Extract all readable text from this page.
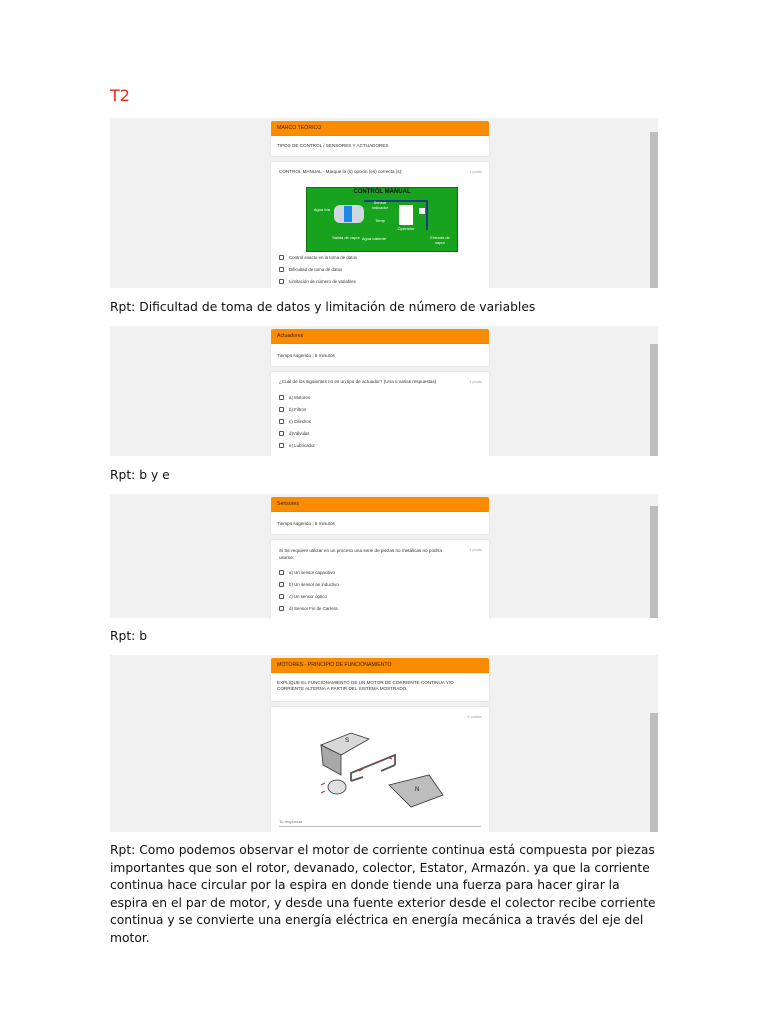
T2
MARCO TEÓRICO
TIPOS DE CONTROL / SENSORES Y ACTUADORES
CONTROL MANUAL - Marque la (s) opción (es) correcta (s):	1 punto
CONTROL MANUAL
Agua fría
Sensor indicador
Temp
Operador
Salida de vapor Agua caliente	Entrada de vapor
Control exacto en la toma de datos
Dificultad de toma de datos
Limitación de número de variables
Rpt: Dificultad de toma de datos y limitación de número de variables
Actuadores
Tiempo sugerido : 5 minutos
¿Cuál de los siguientes no es un tipo de actuador? (Una o varias respuestas)	1 punto
a) Motores
b) Filtros
c) Cilindros
d)Válvulas
e) Lubricador
Rpt: b y e
Sensores
Tiempo sugerido : 5 minutos
Si Se requiere utilizar en un proceso una serie de piezas no metálicas no podría usarse:
1 punto
a) Un sensor capacitivo
b) Un sensor an inductivo
c) Un sensor óptico
d) Sensor Fin de Carrera
Rpt: b
MOTORES - PRINCIPIO DE FUNCIONAMIENTO
EXPLIQUE EL FUNCIONAMIENTO DE UN MOTOR DE CORRIENTE CONTINUA Y/O CORRIENTE ALTERNA A PARTIR DEL SISTEMA MOSTRADO.
5 puntos
S
N
Tu respuesta
Rpt: Como podemos observar el motor de corriente continua está compuesta por piezas importantes que son el rotor, devanado, colector, Estator, Armazón. ya que la corriente continua hace circular por la espira en donde tiende una fuerza para hacer girar la espira en el par de motor, y desde una fuente exterior desde el colector recibe corriente continua y se convierte una energía eléctrica en energía mecánica a través del eje del motor.
